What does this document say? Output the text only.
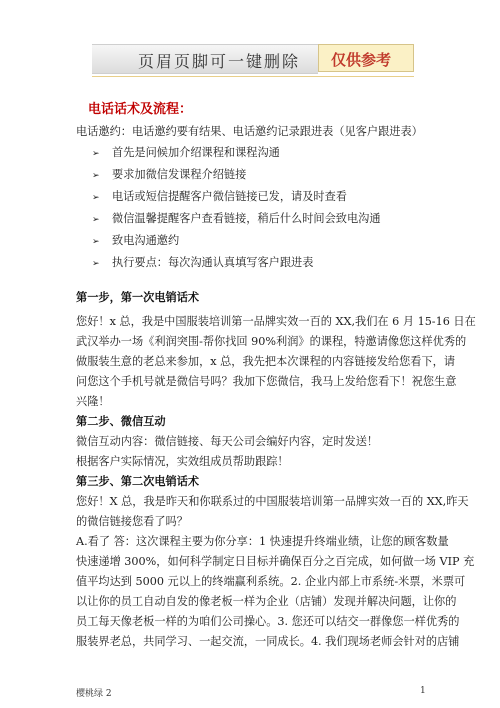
页眉页脚可一键删除 仅供参考
电话话术及流程：
电话邀约：电话邀约要有结果、电话邀约记录跟进表（见客户跟进表）
➢ 首先是问候加介绍课程和课程沟通
➢ 要求加微信发课程介绍链接
➢ 电话或短信提醒客户微信链接已发，请及时查看
➢ 微信温馨提醒客户查看链接，稍后什么时间会致电沟通
➢ 致电沟通邀约
➢ 执行要点：每次沟通认真填写客户跟进表
第一步，第一次电销话术
您好！x 总，我是中国服装培训第一品牌实效一百的 XX,我们在 6 月 15-16 日在
武汉举办一场《利润突围-帮你找回 90%利润》的课程，特邀请像您这样优秀的
做服装生意的老总来参加，x 总，我先把本次课程的内容链接发给您看下，请
问您这个手机号就是微信号吗？我加下您微信，我马上发给您看下！祝您生意
兴隆！
第二步、微信互动
微信互动内容：微信链接、每天公司会编好内容，定时发送！
根据客户实际情况，实效组成员帮助跟踪！
第三步、第二次电销话术
您好！X 总，我是昨天和你联系过的中国服装培训第一品牌实效一百的 XX,昨天
的微信链接您看了吗？
A.看了 答：这次课程主要为你分享：1 快速提升终端业绩，让您的顾客数量
快速递增 300%，如何科学制定日目标并确保百分之百完成，如何做一场 VIP 充
值平均达到 5000 元以上的终端赢利系统。2. 企业内部上市系统-米票，米票可
以让你的员工自动自发的像老板一样为企业（店铺）发现并解决问题，让你的
员工每天像老板一样的为咱们公司操心。3. 您还可以结交一群像您一样优秀的
服装界老总，共同学习、一起交流，一同成长。4. 我们现场老师会针对的店铺
樱桃绿 2	1
